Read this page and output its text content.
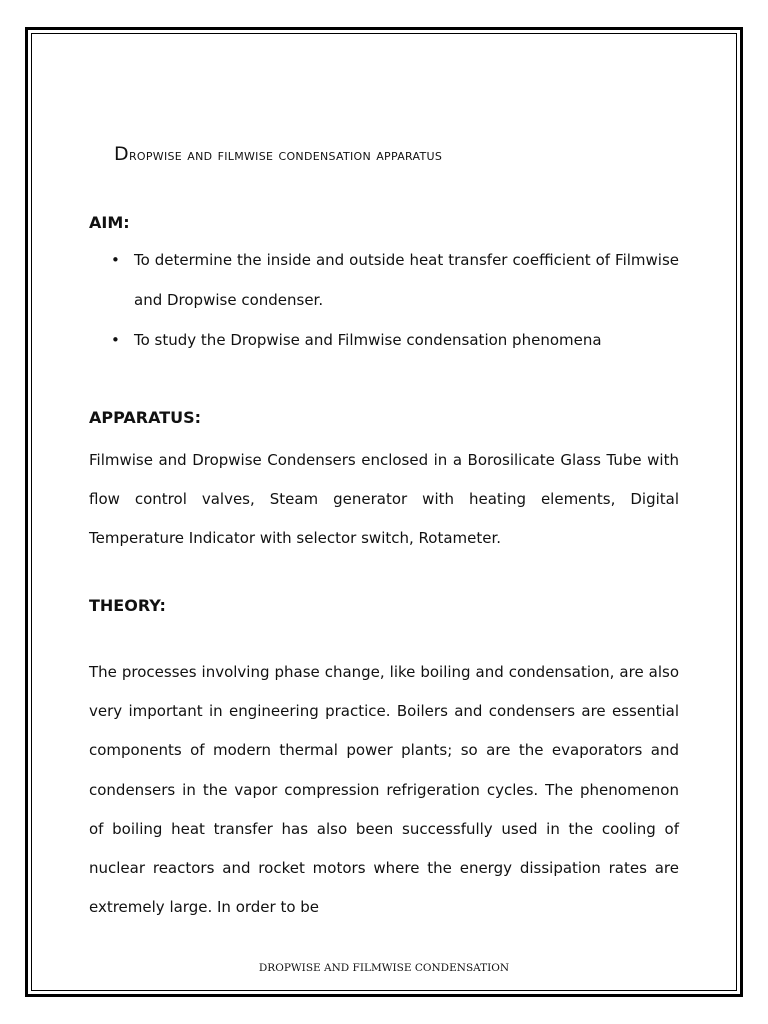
Dropwise and filmwise condensation apparatus
AIM:
• To determine the inside and outside heat transfer coefficient of Filmwise and Dropwise condenser.
• To study the Dropwise and Filmwise condensation phenomena
APPARATUS:

Filmwise and Dropwise Condensers enclosed in a Borosilicate Glass Tube with flow control valves, Steam generator with heating elements, Digital Temperature Indicator with selector switch, Rotameter.

THEORY:

The processes involving phase change, like boiling and condensation, are also very important in engineering practice. Boilers and condensers are essential components of modern thermal power plants; so are the evaporators and condensers in the vapor compression refrigeration cycles. The phenomenon of boiling heat transfer has also been successfully used in the cooling of nuclear reactors and rocket motors where the energy dissipation rates are extremely large. In order to be

DROPWISE AND FILMWISE CONDENSATION
